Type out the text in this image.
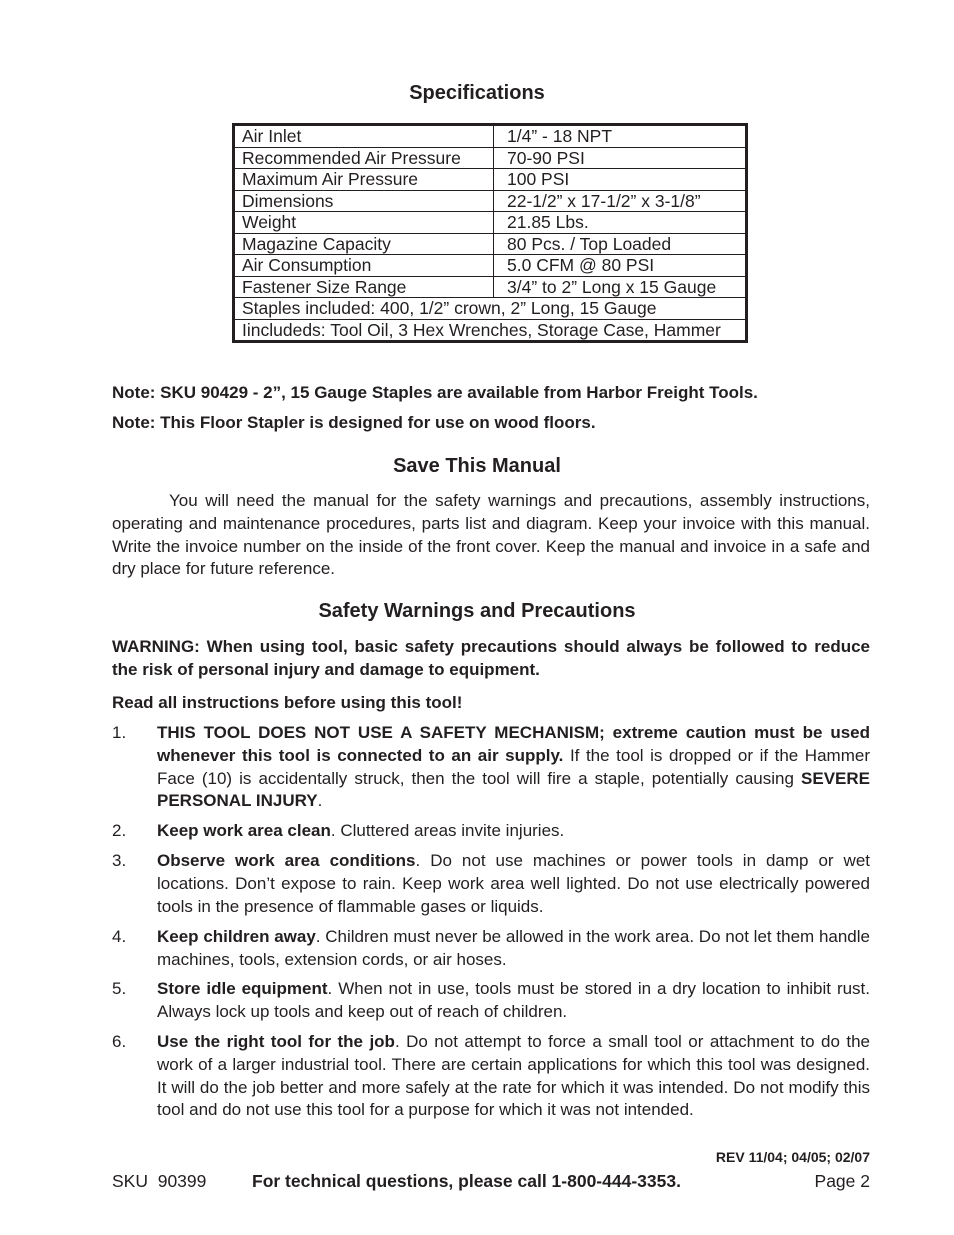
Specifications
Air Inlet	1/4” - 18 NPT
Recommended Air Pressure	70-90 PSI
Maximum Air Pressure	100 PSI
Dimensions	22-1/2” x 17-1/2” x 3-1/8”
Weight	21.85 Lbs.
Magazine Capacity	80 Pcs. / Top Loaded
Air Consumption	5.0 CFM @ 80 PSI
Fastener Size Range	3/4” to 2” Long x 15 Gauge
Staples included: 400, 1/2” crown, 2” Long, 15 Gauge	
Iincludeds: Tool Oil, 3 Hex Wrenches, Storage Case, Hammer	
Note: SKU 90429 - 2”, 15 Gauge Staples are available from Harbor Freight Tools.
Note: This Floor Stapler is designed for use on wood floors.
Save This Manual
You will need the manual for the safety warnings and precautions, assembly instructions, operating and maintenance procedures, parts list and diagram. Keep your invoice with this manual. Write the invoice number on the inside of the front cover. Keep the manual and invoice in a safe and dry place for future reference.
Safety Warnings and Precautions
WARNING: When using tool, basic safety precautions should always be followed to reduce the risk of personal injury and damage to equipment.
Read all instructions before using this tool!
1. THIS TOOL DOES NOT USE A SAFETY MECHANISM; extreme caution must be used whenever this tool is connected to an air supply. If the tool is dropped or if the Hammer Face (10) is accidentally struck, then the tool will fire a staple, potentially causing SEVERE PERSONAL INJURY.
2. Keep work area clean. Cluttered areas invite injuries.
3. Observe work area conditions. Do not use machines or power tools in damp or wet locations. Don’t expose to rain. Keep work area well lighted. Do not use electrically powered tools in the presence of flammable gases or liquids.
4. Keep children away. Children must never be allowed in the work area. Do not let them handle machines, tools, extension cords, or air hoses.
5. Store idle equipment. When not in use, tools must be stored in a dry location to inhibit rust. Always lock up tools and keep out of reach of children.
6. Use the right tool for the job. Do not attempt to force a small tool or attachment to do the work of a larger industrial tool. There are certain applications for which this tool was designed. It will do the job better and more safely at the rate for which it was intended. Do not modify this tool and do not use this tool for a purpose for which it was not intended.
REV 11/04; 04/05; 02/07
SKU  90399	For technical questions, please call 1-800-444-3353.	Page 2
